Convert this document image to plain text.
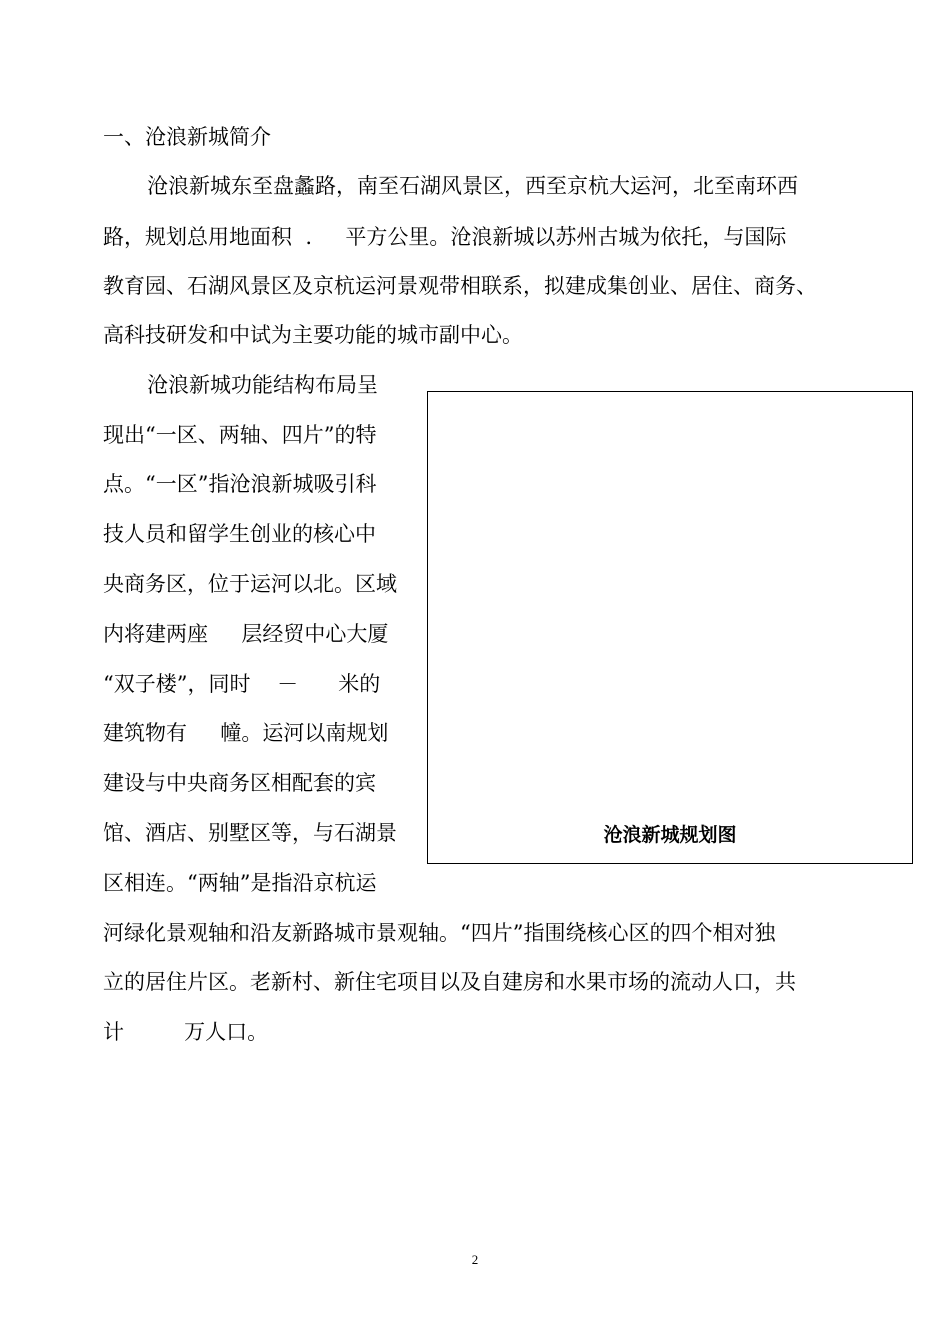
一、沧浪新城简介
沧浪新城东至盘蠡路，南至石湖风景区，西至京杭大运河，北至南环西
路，规划总用地面积  .     平方公里。沧浪新城以苏州古城为依托，与国际
教育园、石湖风景区及京杭运河景观带相联系，拟建成集创业、居住、商务、
高科技研发和中试为主要功能的城市副中心。
沧浪新城功能结构布局呈
现出“一区、两轴、四片”的特
点。“一区”指沧浪新城吸引科
技人员和留学生创业的核心中
央商务区，位于运河以北。区域
内将建两座     层经贸中心大厦
“双子楼”，同时    －      米的
建筑物有     幢。运河以南规划
建设与中央商务区相配套的宾
馆、酒店、别墅区等，与石湖景
区相连。“两轴”是指沿京杭运
河绿化景观轴和沿友新路城市景观轴。“四片”指围绕核心区的四个相对独
立的居住片区。老新村、新住宅项目以及自建房和水果市场的流动人口，共
计         万人口。
沧浪新城规划图
2
